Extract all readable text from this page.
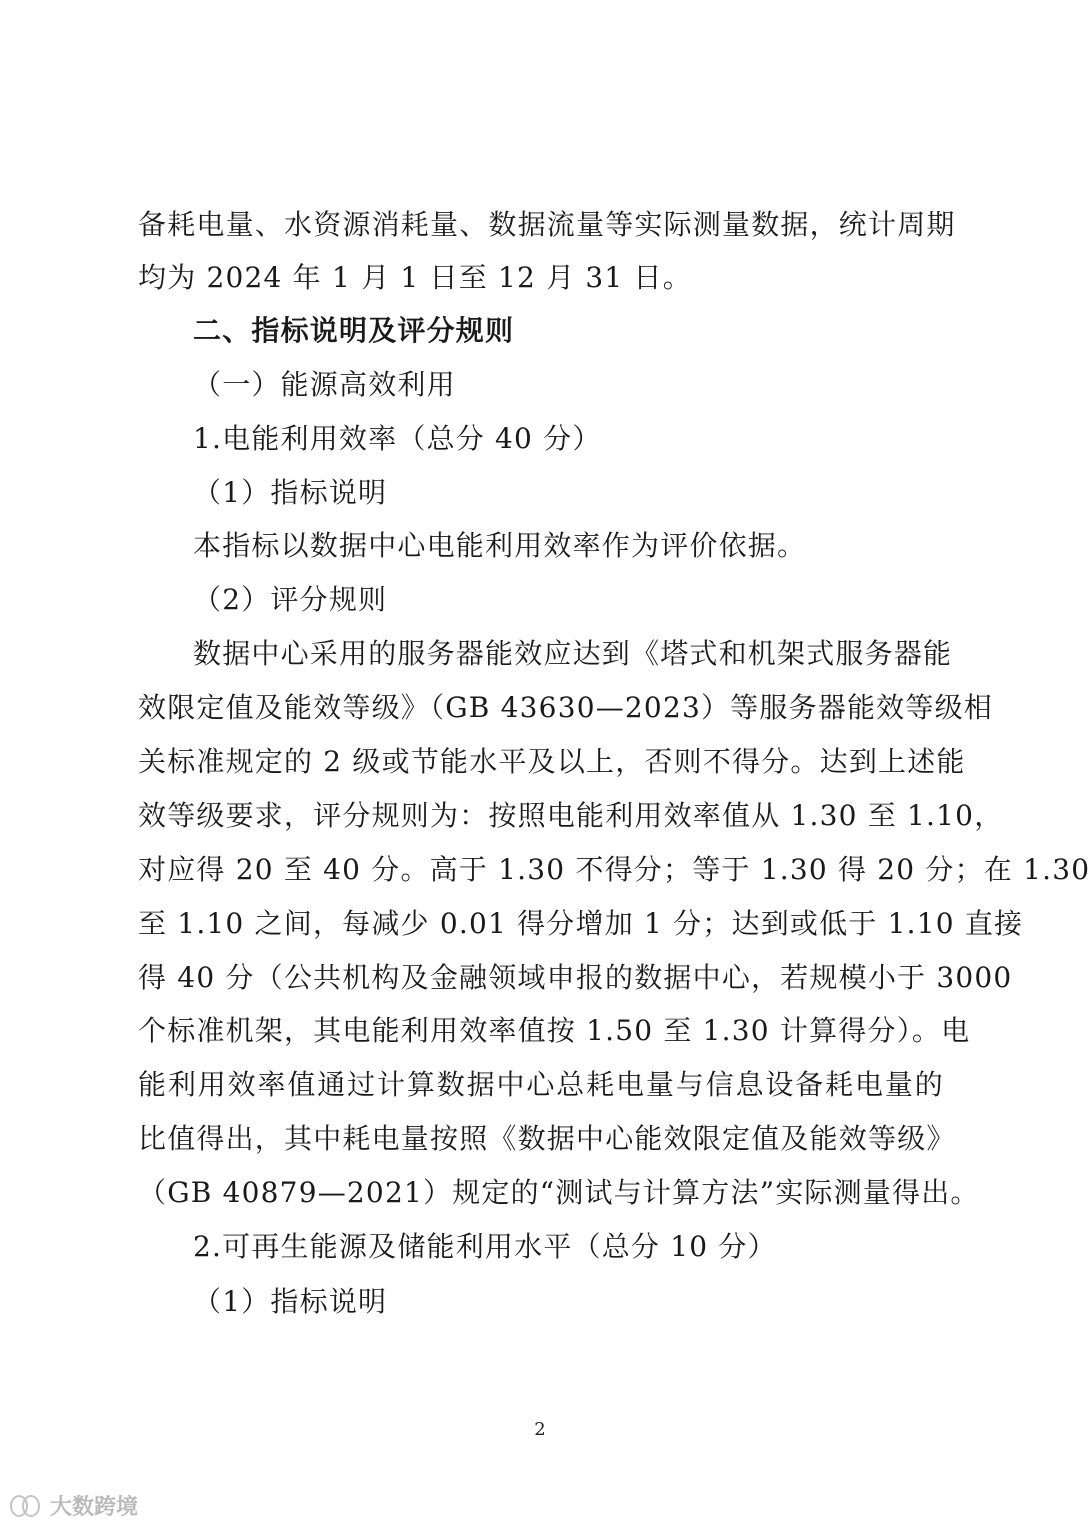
备耗电量、水资源消耗量、数据流量等实际测量数据，统计周期
均为 2024 年 1 月 1 日至 12 月 31 日。
二、指标说明及评分规则
（一）能源高效利用
1.电能利用效率（总分 40 分）
（1）指标说明
本指标以数据中心电能利用效率作为评价依据。
（2）评分规则
数据中心采用的服务器能效应达到《塔式和机架式服务器能
效限定值及能效等级》（GB 43630—2023）等服务器能效等级相
关标准规定的 2 级或节能水平及以上，否则不得分。达到上述能
效等级要求，评分规则为：按照电能利用效率值从 1.30 至 1.10，
对应得 20 至 40 分。高于 1.30 不得分；等于 1.30 得 20 分；在 1.30
至 1.10 之间，每减少 0.01 得分增加 1 分；达到或低于 1.10 直接
得 40 分（公共机构及金融领域申报的数据中心，若规模小于 3000
个标准机架，其电能利用效率值按 1.50 至 1.30 计算得分）。电
能利用效率值通过计算数据中心总耗电量与信息设备耗电量的
比值得出，其中耗电量按照《数据中心能效限定值及能效等级》
（GB 40879—2021）规定的“测试与计算方法”实际测量得出。
2.可再生能源及储能利用水平（总分 10 分）
（1）指标说明
2
大数跨境
